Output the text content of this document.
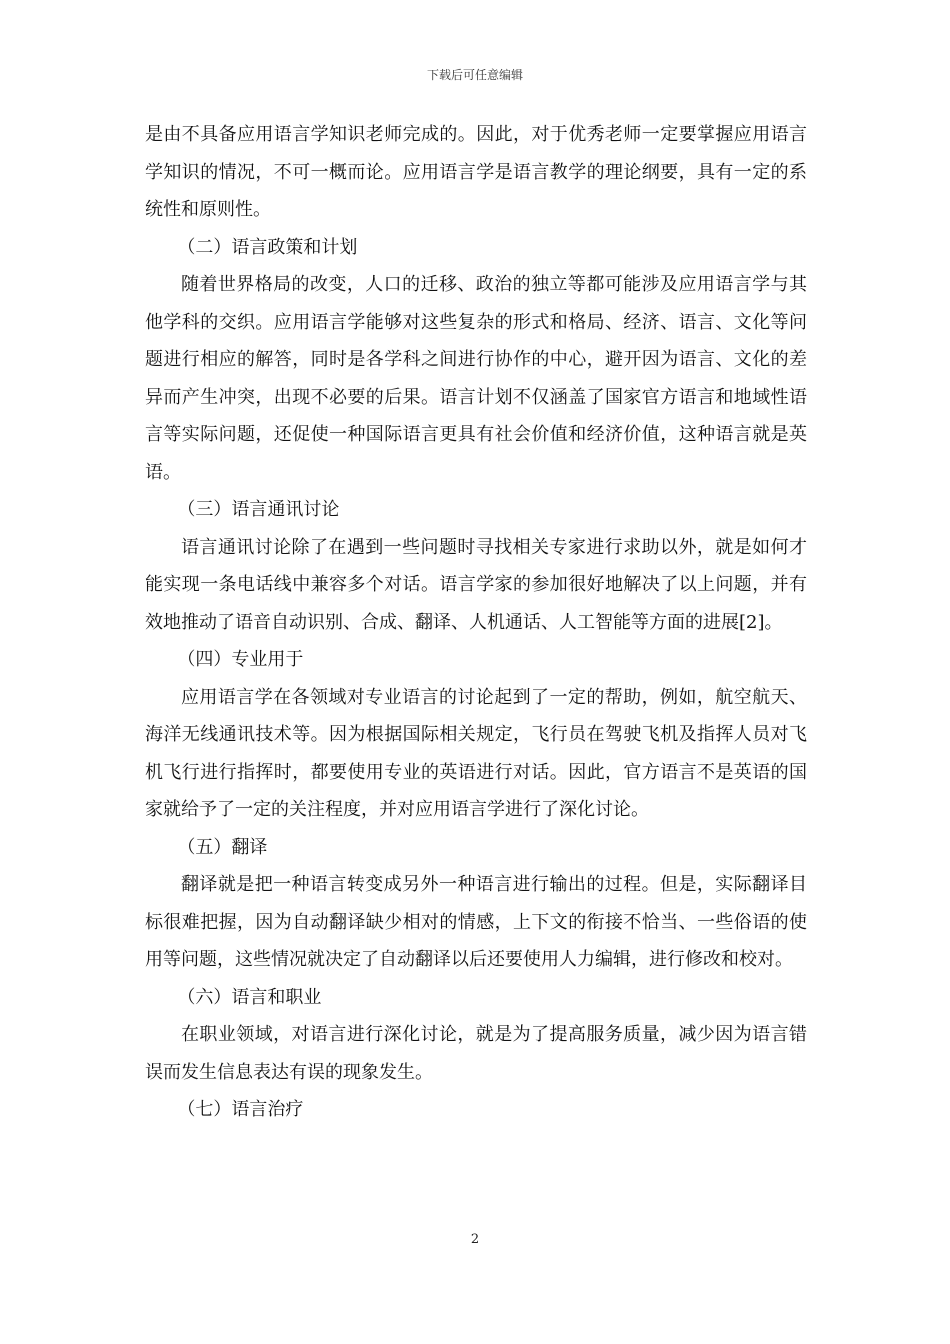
下载后可任意编辑

是由不具备应用语言学知识老师完成的。因此，对于优秀老师一定要掌握应用语言学知识的情况，不可一概而论。应用语言学是语言教学的理论纲要，具有一定的系统性和原则性。

（二）语言政策和计划

随着世界格局的改变，人口的迁移、政治的独立等都可能涉及应用语言学与其他学科的交织。应用语言学能够对这些复杂的形式和格局、经济、语言、文化等问题进行相应的解答，同时是各学科之间进行协作的中心，避开因为语言、文化的差异而产生冲突，出现不必要的后果。语言计划不仅涵盖了国家官方语言和地域性语言等实际问题，还促使一种国际语言更具有社会价值和经济价值，这种语言就是英语。

（三）语言通讯讨论

语言通讯讨论除了在遇到一些问题时寻找相关专家进行求助以外，就是如何才能实现一条电话线中兼容多个对话。语言学家的参加很好地解决了以上问题，并有效地推动了语音自动识别、合成、翻译、人机通话、人工智能等方面的进展[2]。

（四）专业用于

应用语言学在各领域对专业语言的讨论起到了一定的帮助，例如，航空航天、海洋无线通讯技术等。因为根据国际相关规定，飞行员在驾驶飞机及指挥人员对飞机飞行进行指挥时，都要使用专业的英语进行对话。因此，官方语言不是英语的国家就给予了一定的关注程度，并对应用语言学进行了深化讨论。

（五）翻译

翻译就是把一种语言转变成另外一种语言进行输出的过程。但是，实际翻译目标很难把握，因为自动翻译缺少相对的情感，上下文的衔接不恰当、一些俗语的使用等问题，这些情况就决定了自动翻译以后还要使用人力编辑，进行修改和校对。

（六）语言和职业

在职业领域，对语言进行深化讨论，就是为了提高服务质量，减少因为语言错误而发生信息表达有误的现象发生。

（七）语言治疗

2
